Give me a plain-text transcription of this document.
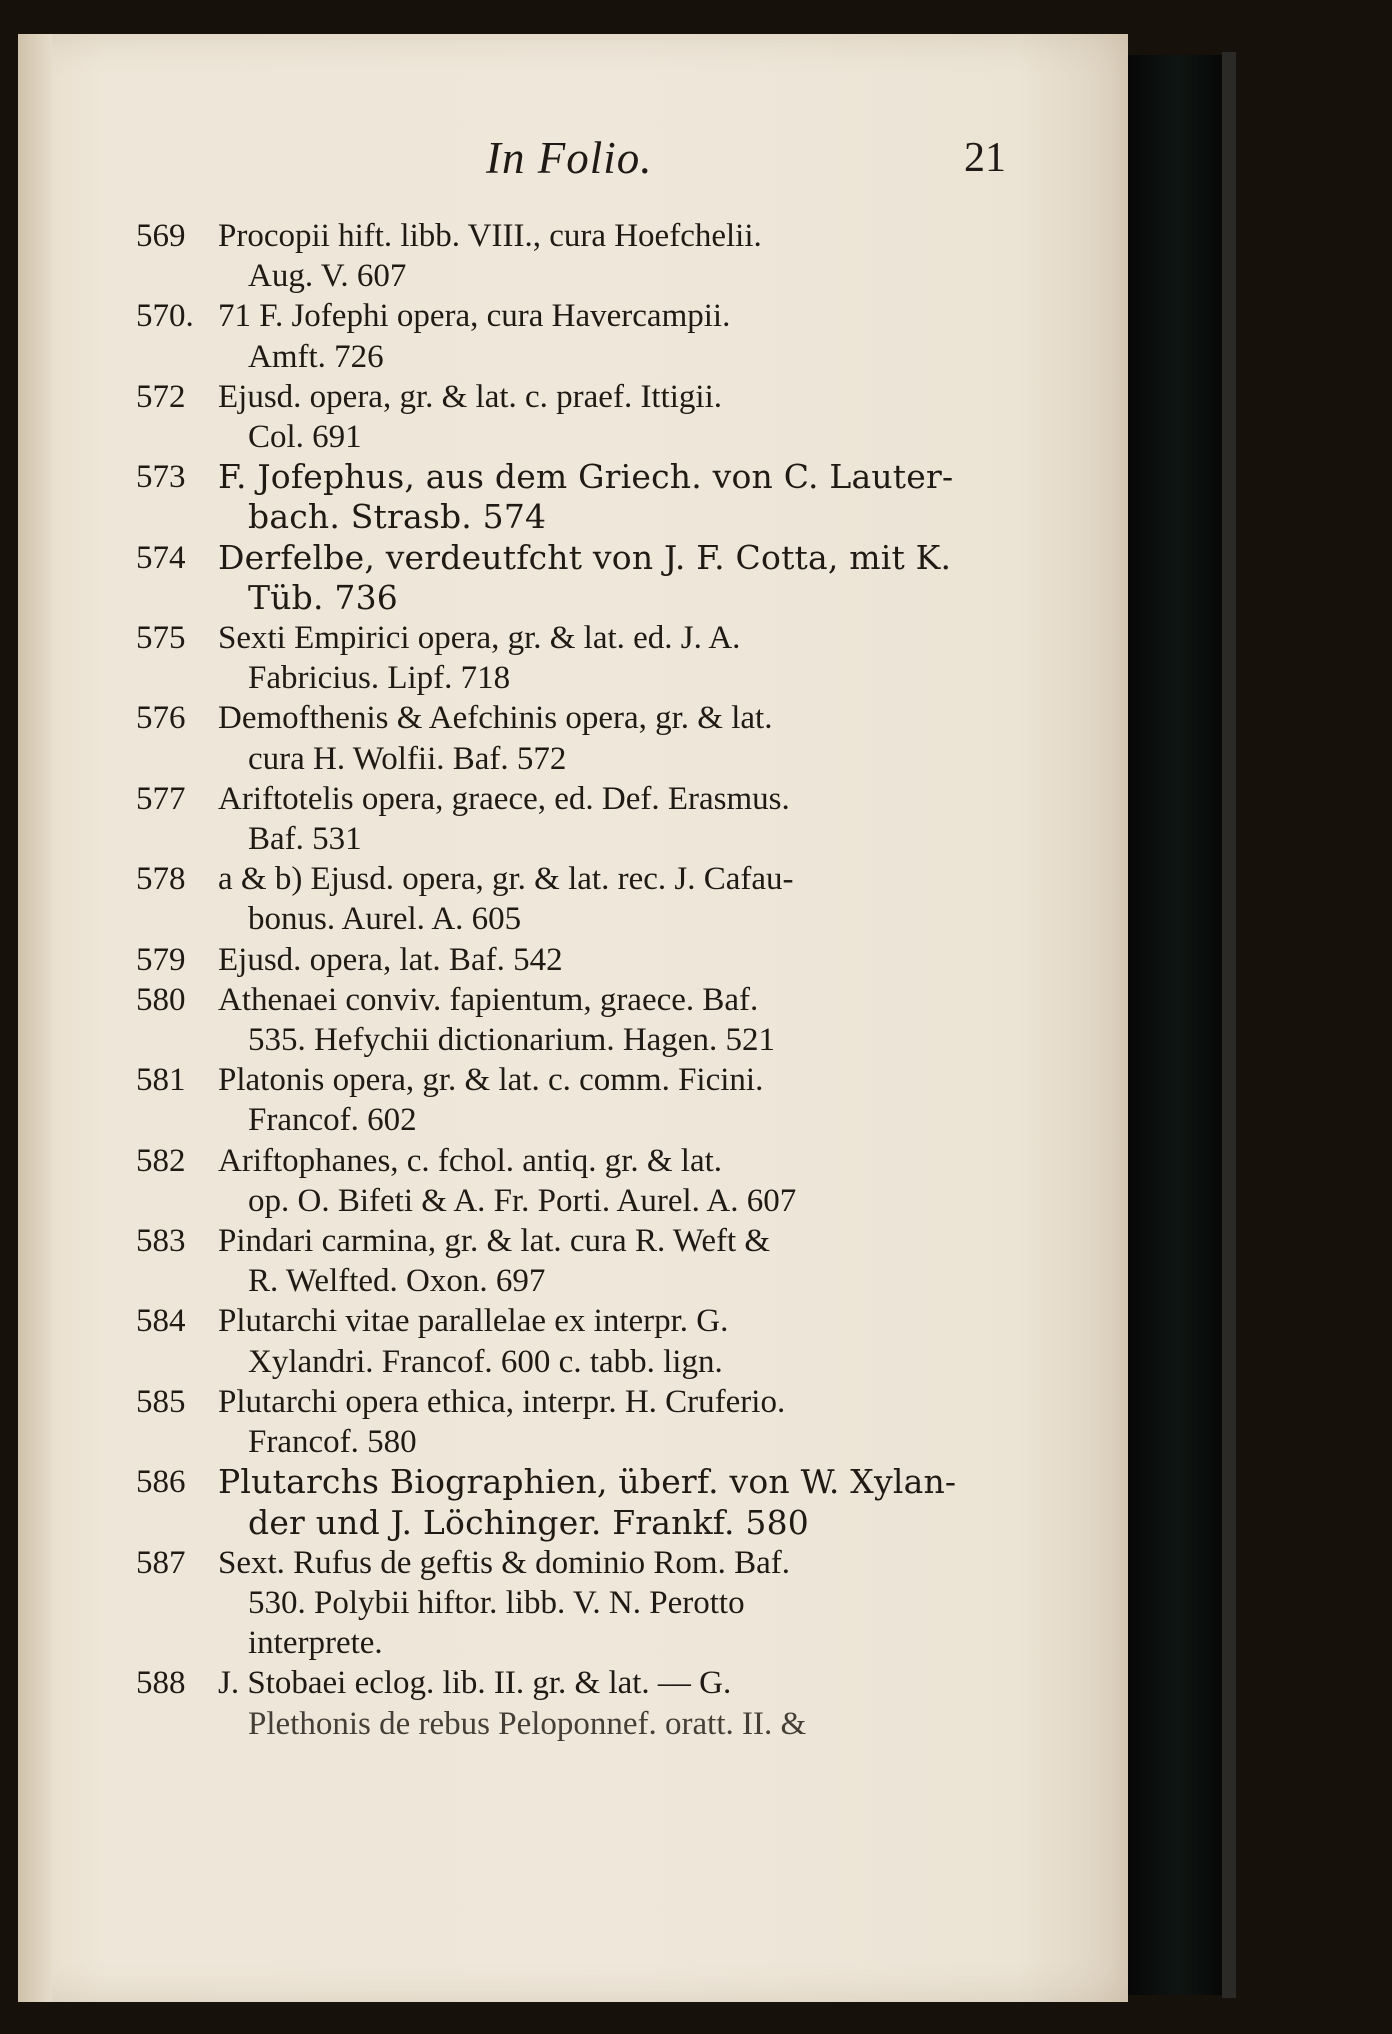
In Folio.	21
569 Procopii hift. libb. VIII., cura Hoefchelii.
Aug. V. 607
570. 71 F. Jofephi opera, cura Havercampii.
Amft. 726
572 Ejusd. opera, gr. & lat. c. praef. Ittigii.
Col. 691
573 F. Jofephus, aus dem Griech. von C. Lauter-
bach. Strasb. 574
574 Derfelbe, verdeutfcht von J. F. Cotta, mit K.
Tüb. 736
575 Sexti Empirici opera, gr. & lat. ed. J. A.
Fabricius. Lipf. 718
576 Demofthenis & Aefchinis opera, gr. & lat.
cura H. Wolfii. Baf. 572
577 Ariftotelis opera, graece, ed. Def. Erasmus.
Baf. 531
578 a & b) Ejusd. opera, gr. & lat. rec. J. Cafau-
bonus. Aurel. A. 605
579 Ejusd. opera, lat. Baf. 542
580 Athenaei conviv. fapientum, graece. Baf.
535. Hefychii dictionarium. Hagen. 521
581 Platonis opera, gr. & lat. c. comm. Ficini.
Francof. 602
582 Ariftophanes, c. fchol. antiq. gr. & lat.
op. O. Bifeti & A. Fr. Porti. Aurel. A. 607
583 Pindari carmina, gr. & lat. cura R. Weft &
R. Welfted. Oxon. 697
584 Plutarchi vitae parallelae ex interpr. G.
Xylandri. Francof. 600 c. tabb. lign.
585 Plutarchi opera ethica, interpr. H. Cruferio.
Francof. 580
586 Plutarchs Biographien, überf. von W. Xylan-
der und J. Löchinger. Frankf. 580
587 Sext. Rufus de geftis & dominio Rom. Baf.
530. Polybii hiftor. libb. V. N. Perotto
interprete.
588 J. Stobaei eclog. lib. II. gr. & lat. — G.
Plethonis de rebus Peloponnef. oratt. II. &
